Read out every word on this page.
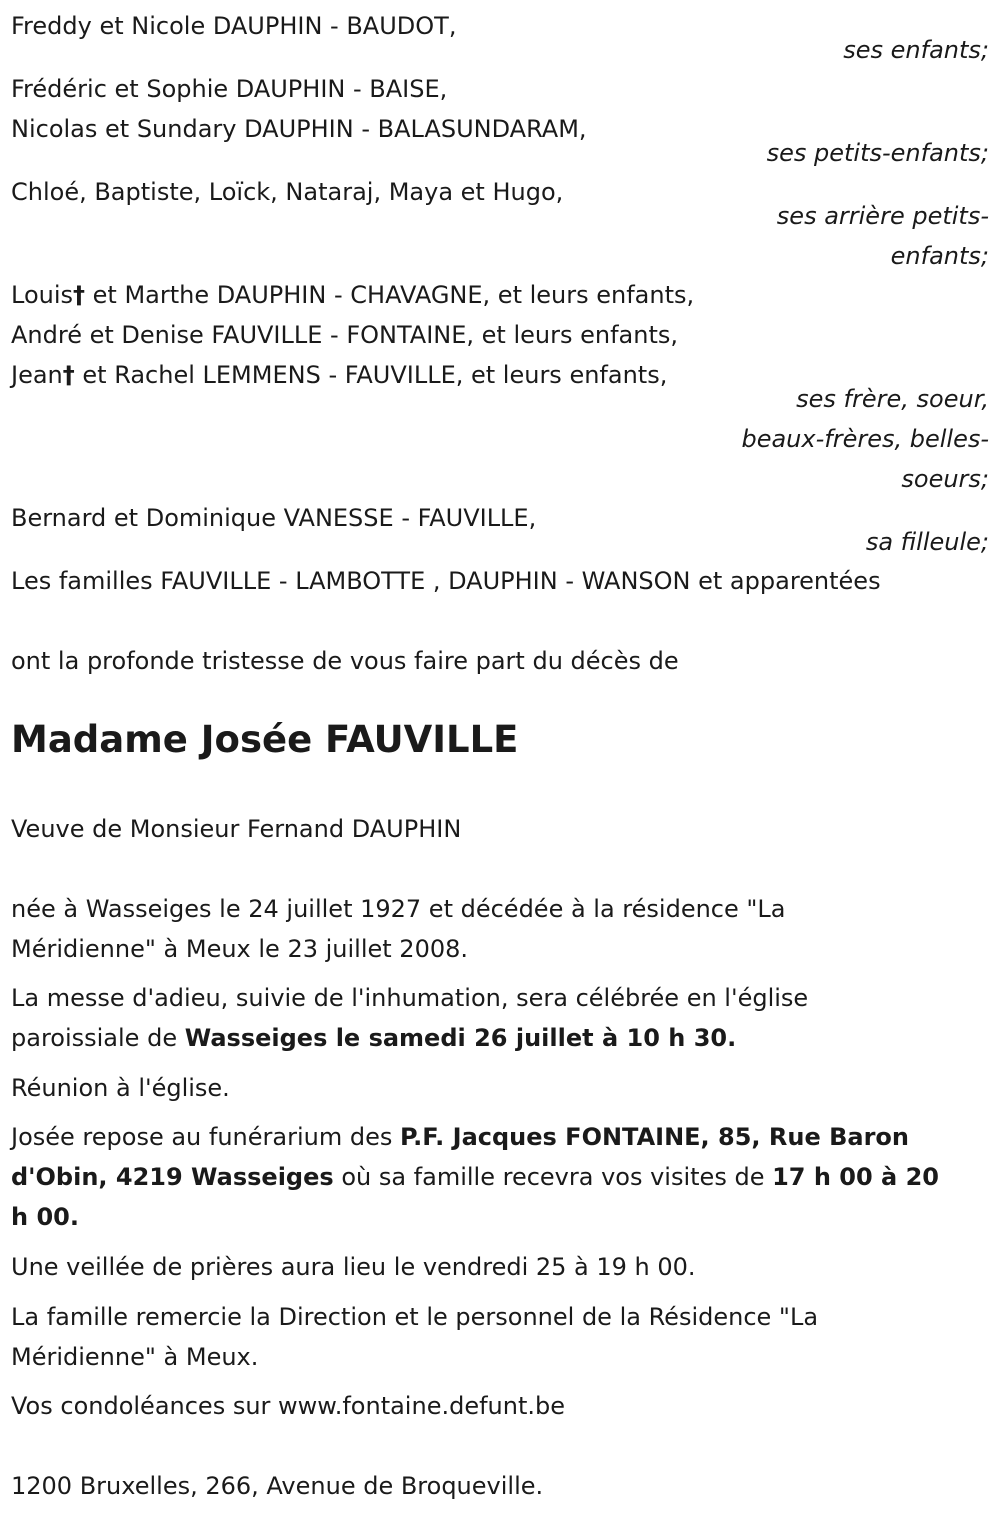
Freddy et Nicole DAUPHIN - BAUDOT,
ses enfants;
Frédéric et Sophie DAUPHIN - BAISE,
Nicolas et Sundary DAUPHIN - BALASUNDARAM,
ses petits-enfants;
Chloé, Baptiste, Loïck, Nataraj, Maya et Hugo,
ses arrière petits-
enfants;
Louis† et Marthe DAUPHIN - CHAVAGNE, et leurs enfants,
André et Denise FAUVILLE - FONTAINE, et leurs enfants,
Jean† et Rachel LEMMENS - FAUVILLE, et leurs enfants,
ses frère, soeur,
beaux-frères, belles-
soeurs;
Bernard et Dominique VANESSE - FAUVILLE,
sa filleule;
Les familles FAUVILLE - LAMBOTTE , DAUPHIN - WANSON et apparentées
ont la profonde tristesse de vous faire part du décès de
Madame Josée FAUVILLE
Veuve de Monsieur Fernand DAUPHIN
née à Wasseiges le 24 juillet 1927 et décédée à la résidence "La
Méridienne" à Meux le 23 juillet 2008.
La messe d'adieu, suivie de l'inhumation, sera célébrée en l'église
paroissiale de Wasseiges le samedi 26 juillet à 10 h 30.
Réunion à l'église.
Josée repose au funérarium des P.F. Jacques FONTAINE, 85, Rue Baron
d'Obin, 4219 Wasseiges où sa famille recevra vos visites de 17 h 00 à 20
h 00.
Une veillée de prières aura lieu le vendredi 25 à 19 h 00.
La famille remercie la Direction et le personnel de la Résidence "La
Méridienne" à Meux.
Vos condoléances sur www.fontaine.defunt.be
1200 Bruxelles, 266, Avenue de Broqueville.
